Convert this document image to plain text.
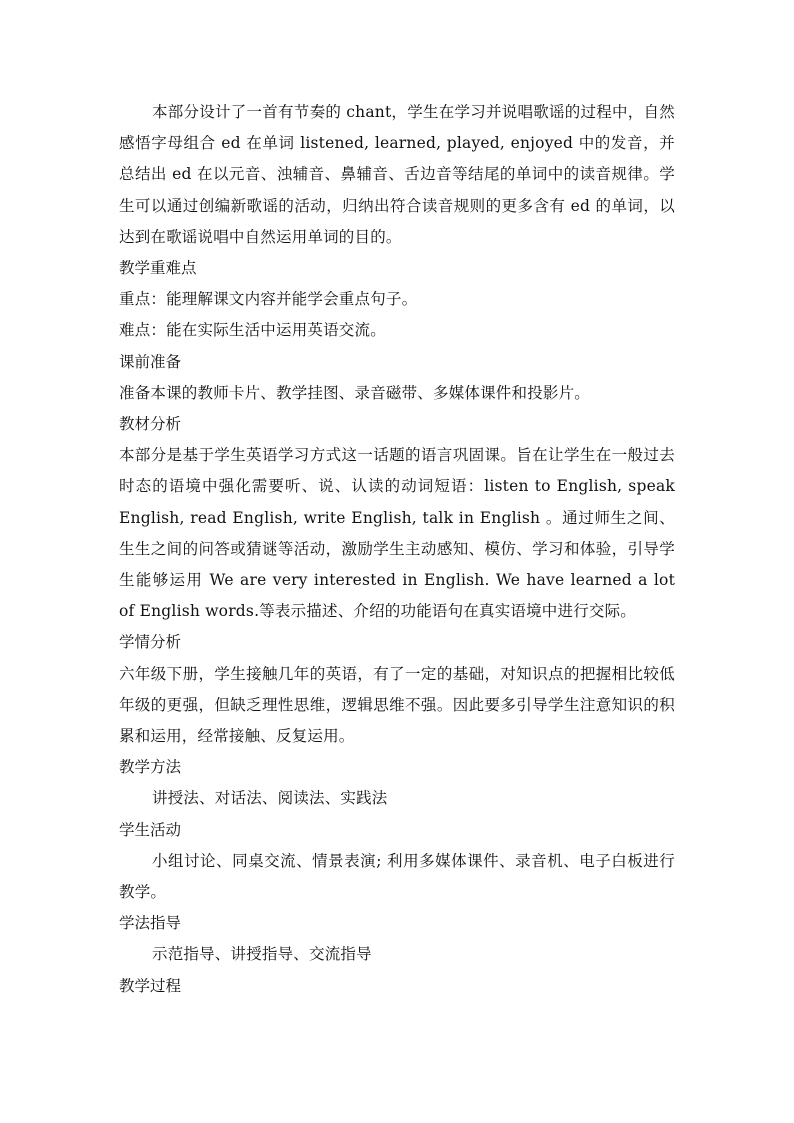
本部分设计了一首有节奏的 chant，学生在学习并说唱歌谣的过程中，自然感悟字母组合 ed 在单词 listened, learned, played, enjoyed 中的发音，并总结出 ed 在以元音、浊辅音、鼻辅音、舌边音等结尾的单词中的读音规律。学生可以通过创编新歌谣的活动，归纳出符合读音规则的更多含有 ed 的单词，以达到在歌谣说唱中自然运用单词的目的。

教学重难点

重点：能理解课文内容并能学会重点句子。

难点：能在实际生活中运用英语交流。

课前准备

准备本课的教师卡片、教学挂图、录音磁带、多媒体课件和投影片。

教材分析

本部分是基于学生英语学习方式这一话题的语言巩固课。旨在让学生在一般过去时态的语境中强化需要听、说、认读的动词短语：listen to English, speak English, read English, write English, talk in English 。通过师生之间、生生之间的问答或猜谜等活动，激励学生主动感知、模仿、学习和体验，引导学生能够运用 We are very interested in English. We have learned a lot of English words.等表示描述、介绍的功能语句在真实语境中进行交际。

学情分析

六年级下册，学生接触几年的英语，有了一定的基础，对知识点的把握相比较低年级的更强，但缺乏理性思维，逻辑思维不强。因此要多引导学生注意知识的积累和运用，经常接触、反复运用。

教学方法

讲授法、对话法、阅读法、实践法

学生活动

小组讨论、同桌交流、情景表演; 利用多媒体课件、录音机、电子白板进行教学。

学法指导

示范指导、讲授指导、交流指导

教学过程
